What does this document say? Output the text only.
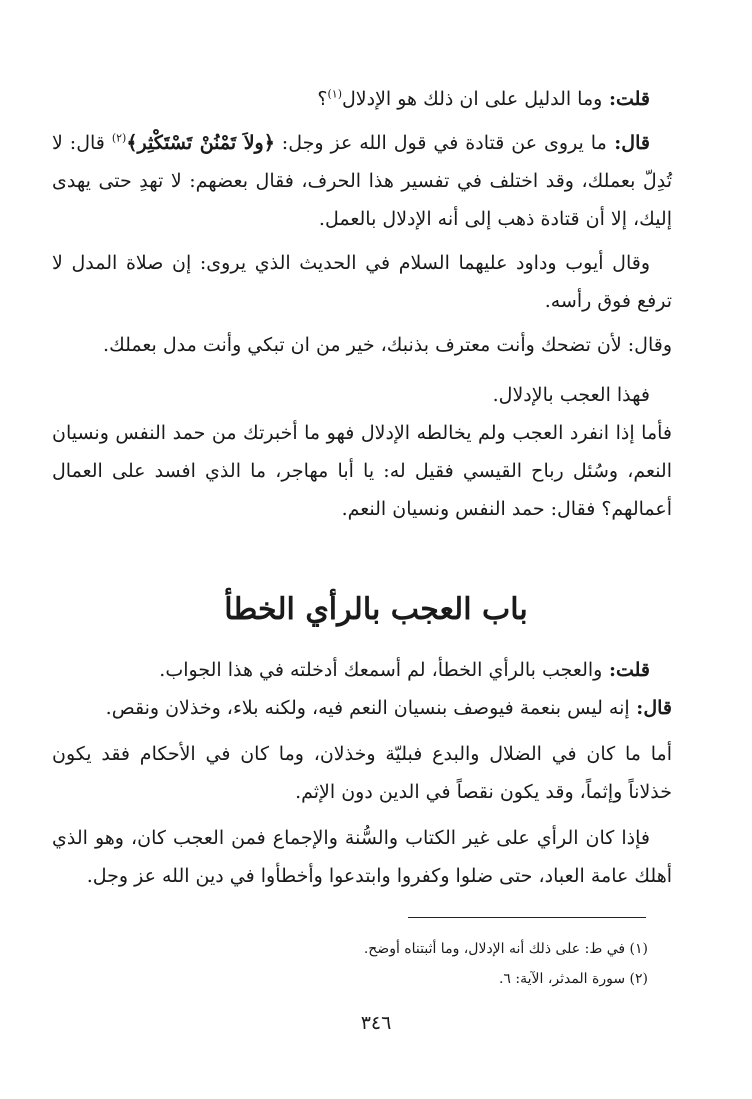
قلت: وما الدليل على ان ذلك هو الإدلال$^{(١)}$؟

قال: ما يروى عن قتادة في قول الله عز وجل: ﴿ولاَ تَمْنُنْ تَسْتَكْثِر﴾$^{(٢)}$ قال: لا تُدِلّ بعملك، وقد اختلف في تفسير هذا الحرف، فقال بعضهم: لا تهدِ حتى يهدى إليك، إلا أن قتادة ذهب إلى أنه الإدلال بالعمل.

وقال أيوب وداود عليهما السلام في الحديث الذي يروى: إن صلاة المدل لا ترفع فوق رأسه.

وقال: لأن تضحك وأنت معترف بذنبك، خير من ان تبكي وأنت مدل بعملك.

فهذا العجب بالإدلال.

فأما إذا انفرد العجب ولم يخالطه الإدلال فهو ما أخبرتك من حمد النفس ونسيان النعم، وسُئل رباح القيسي فقيل له: يا أبا مهاجر، ما الذي افسد على العمال أعمالهم؟ فقال: حمد النفس ونسيان النعم.

باب العجب بالرأي الخطأ

قلت: والعجب بالرأي الخطأ، لم أسمعك أدخلته في هذا الجواب.

قال: إنه ليس بنعمة فيوصف بنسيان النعم فيه، ولكنه بلاء، وخذلان ونقص.

أما ما كان في الضلال والبدع فبليّة وخذلان، وما كان في الأحكام فقد يكون خذلاناً وإثماً، وقد يكون نقصاً في الدين دون الإثم.

فإذا كان الرأي على غير الكتاب والسُّنة والإجماع فمن العجب كان، وهو الذي أهلك عامة العباد، حتى ضلوا وكفروا وابتدعوا وأخطأوا في دين الله عز وجل.

(١) في ط: على ذلك أنه الإدلال، وما أثبتناه أوضح.

(٢) سورة المدثر، الآية: ٦.

٣٤٦
